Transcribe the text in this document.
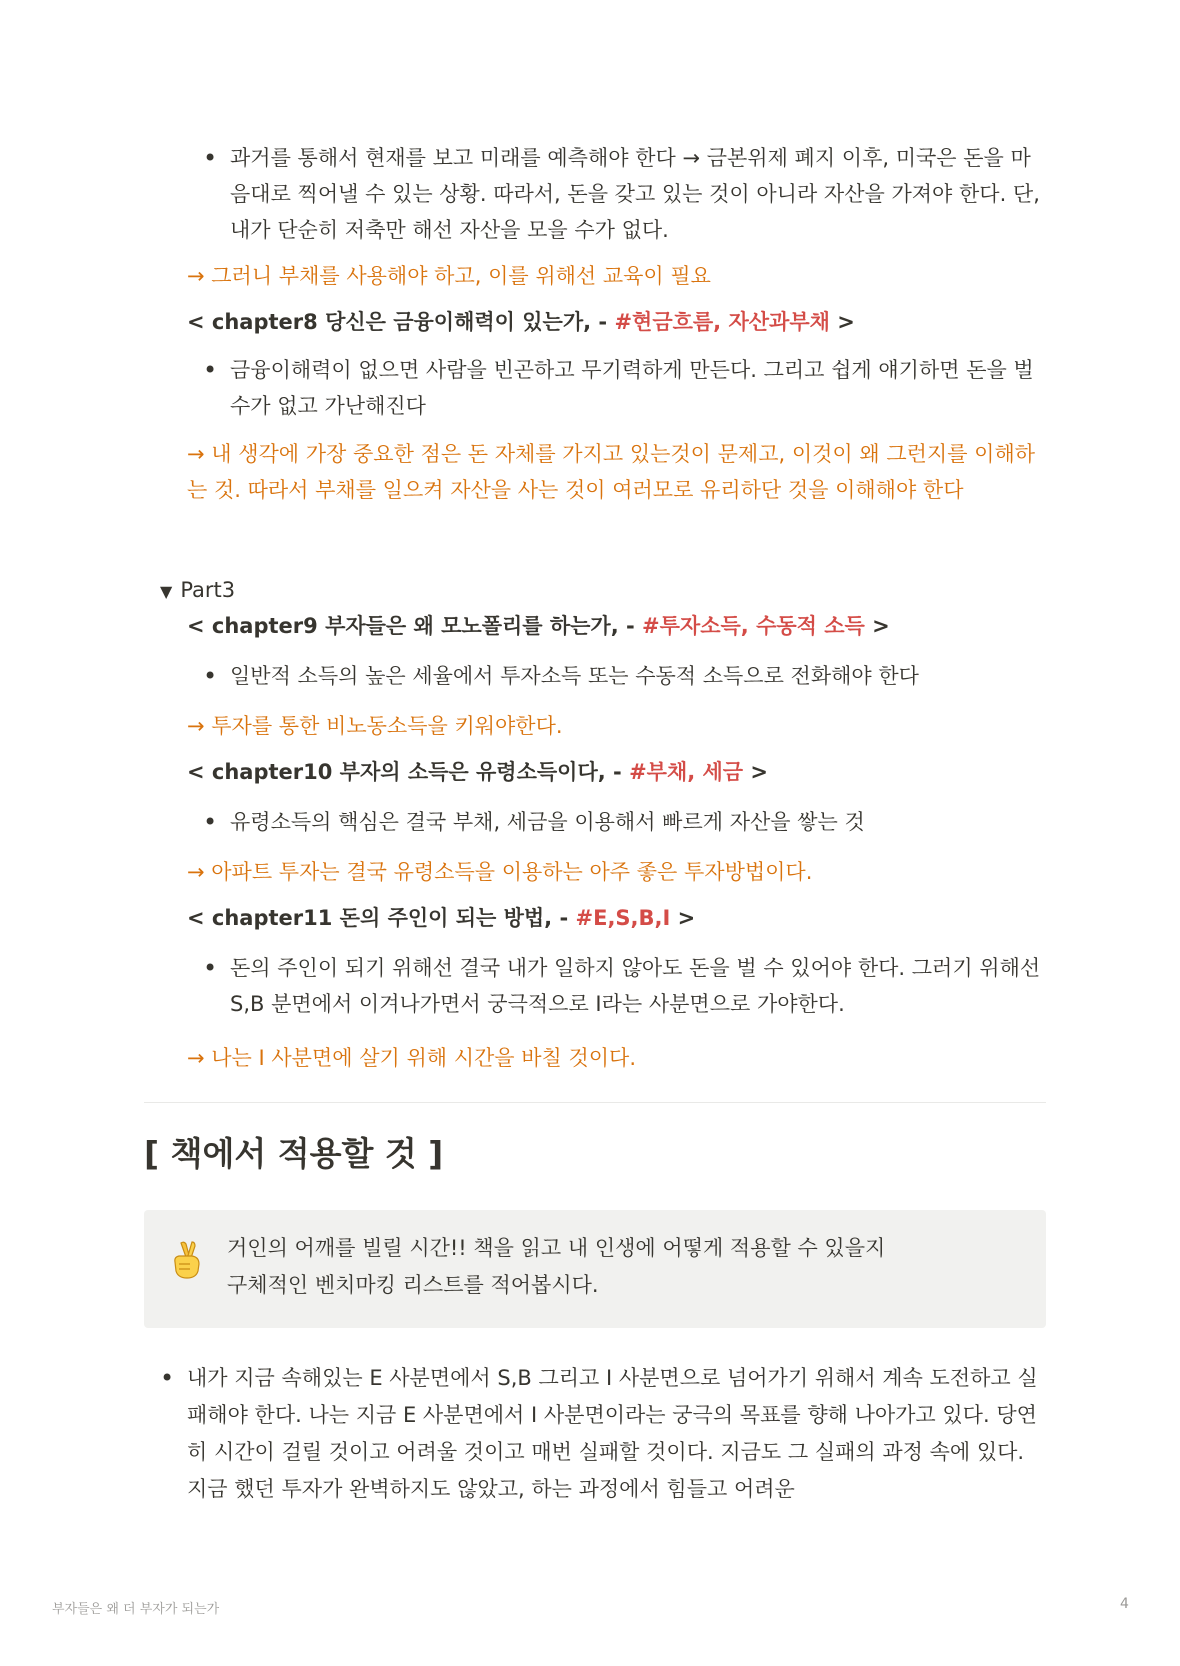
• 과거를 통해서 현재를 보고 미래를 예측해야 한다 → 금본위제 폐지 이후, 미국은 돈을 마음대로 찍어낼 수 있는 상황. 따라서, 돈을 갖고 있는 것이 아니라 자산을 가져야 한다. 단, 내가 단순히 저축만 해선 자산을 모을 수가 없다.
→ 그러니 부채를 사용해야 하고, 이를 위해선 교육이 필요
< chapter8 당신은 금융이해력이 있는가, - #현금흐름, 자산과부채 >
• 금융이해력이 없으면 사람을 빈곤하고 무기력하게 만든다. 그리고 쉽게 얘기하면 돈을 벌 수가 없고 가난해진다
→ 내 생각에 가장 중요한 점은 돈 자체를 가지고 있는것이 문제고, 이것이 왜 그런지를 이해하는 것. 따라서 부채를 일으켜 자산을 사는 것이 여러모로 유리하단 것을 이해해야 한다
▼ Part3
< chapter9 부자들은 왜 모노폴리를 하는가, - #투자소득, 수동적 소득 >
• 일반적 소득의 높은 세율에서 투자소득 또는 수동적 소득으로 전화해야 한다
→ 투자를 통한 비노동소득을 키워야한다.
< chapter10 부자의 소득은 유령소득이다, - #부채, 세금 >
• 유령소득의 핵심은 결국 부채, 세금을 이용해서 빠르게 자산을 쌓는 것
→ 아파트 투자는 결국 유령소득을 이용하는 아주 좋은 투자방법이다.
< chapter11 돈의 주인이 되는 방법, - #E,S,B,I >
• 돈의 주인이 되기 위해선 결국 내가 일하지 않아도 돈을 벌 수 있어야 한다. 그러기 위해선 S,B 분면에서 이겨나가면서 궁극적으로 I라는 사분면으로 가야한다.
→ 나는 I 사분면에 살기 위해 시간을 바칠 것이다.
[ 책에서 적용할 것 ]
거인의 어깨를 빌릴 시간!! 책을 읽고 내 인생에 어떻게 적용할 수 있을지
구체적인 벤치마킹 리스트를 적어봅시다.
• 내가 지금 속해있는 E 사분면에서 S,B 그리고 I 사분면으로 넘어가기 위해서 계속 도전하고 실패해야 한다. 나는 지금 E 사분면에서 I 사분면이라는 궁극의 목표를 향해 나아가고 있다. 당연히 시간이 걸릴 것이고 어려울 것이고 매번 실패할 것이다. 지금도 그 실패의 과정 속에 있다. 지금 했던 투자가 완벽하지도 않았고, 하는 과정에서 힘들고 어려운
부자들은 왜 더 부자가 되는가	4
